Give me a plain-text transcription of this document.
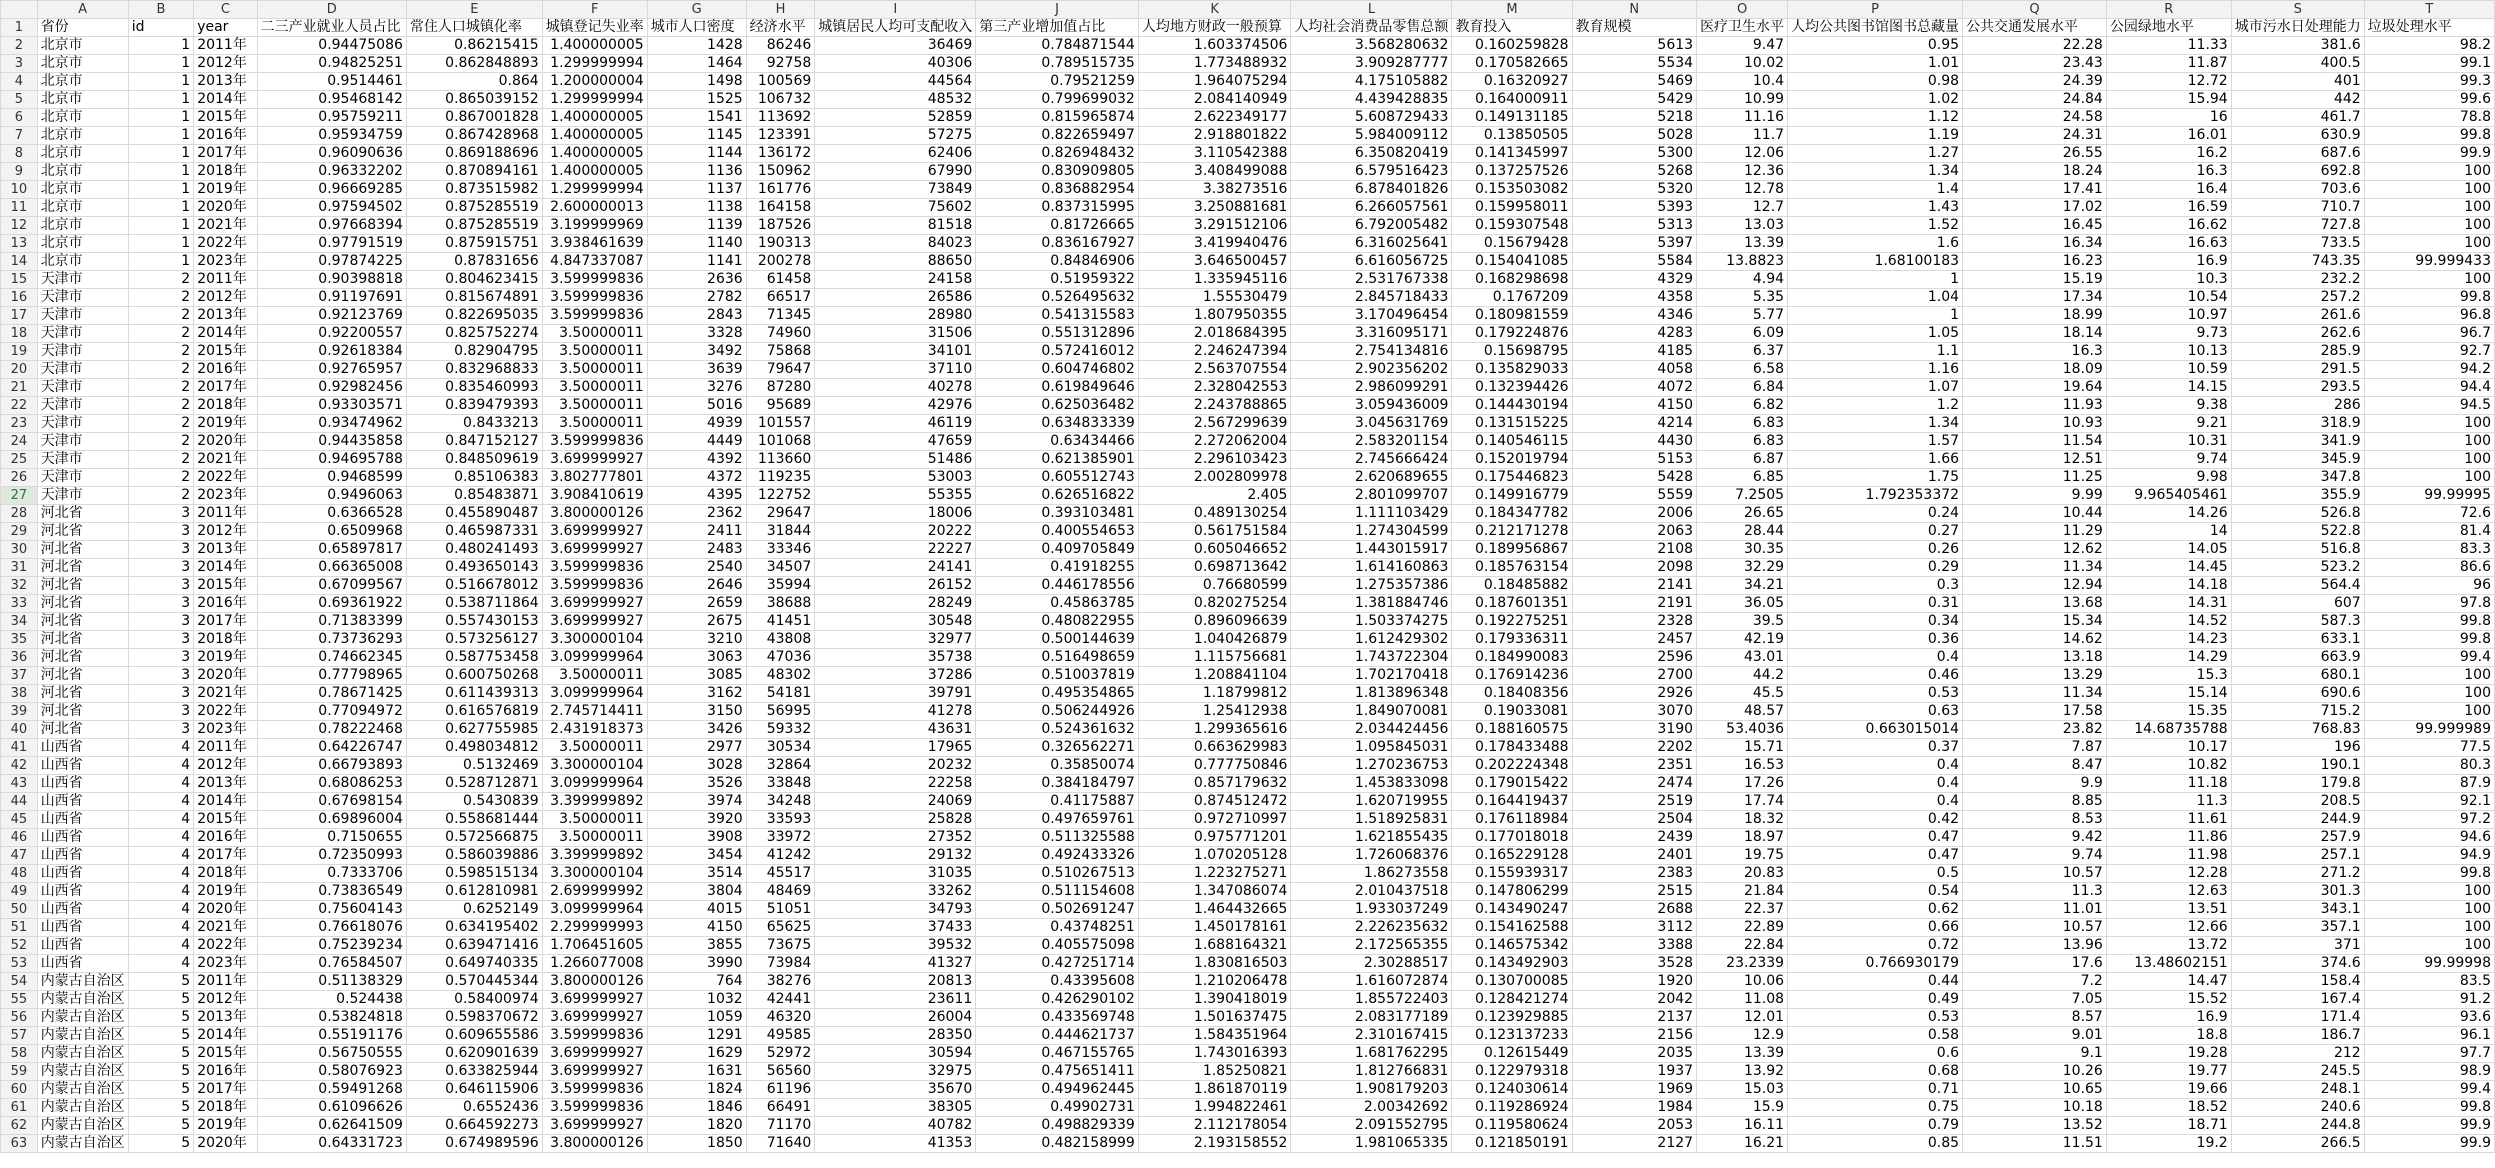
	A	B	C	D	E	F	G	H	I	J	K	L	M	N	O	P	Q	R	S	T
1	省份	id	year	二三产业就业人员占比	常住人口城镇化率	城镇登记失业率	城市人口密度	经济水平	城镇居民人均可支配收入	第三产业增加值占比	人均地方财政一般预算	人均社会消费品零售总额	教育投入	教育规模	医疗卫生水平	人均公共图书馆图书总藏量	公共交通发展水平	公园绿地水平	城市污水日处理能力	垃圾处理水平
2	北京市	1	2011年	0.94475086	0.86215415	1.400000005	1428	86246	36469	0.784871544	1.603374506	3.568280632	0.160259828	5613	9.47	0.95	22.28	11.33	381.6	98.2
3	北京市	1	2012年	0.94825251	0.862848893	1.299999994	1464	92758	40306	0.789515735	1.773488932	3.909287777	0.170582665	5534	10.02	1.01	23.43	11.87	400.5	99.1
4	北京市	1	2013年	0.9514461	0.864	1.200000004	1498	100569	44564	0.79521259	1.964075294	4.175105882	0.16320927	5469	10.4	0.98	24.39	12.72	401	99.3
5	北京市	1	2014年	0.95468142	0.865039152	1.299999994	1525	106732	48532	0.799699032	2.084140949	4.439428835	0.164000911	5429	10.99	1.02	24.84	15.94	442	99.6
6	北京市	1	2015年	0.95759211	0.867001828	1.400000005	1541	113692	52859	0.815965874	2.622349177	5.608729433	0.149131185	5218	11.16	1.12	24.58	16	461.7	78.8
7	北京市	1	2016年	0.95934759	0.867428968	1.400000005	1145	123391	57275	0.822659497	2.918801822	5.984009112	0.13850505	5028	11.7	1.19	24.31	16.01	630.9	99.8
8	北京市	1	2017年	0.96090636	0.869188696	1.400000005	1144	136172	62406	0.826948432	3.110542388	6.350820419	0.141345997	5300	12.06	1.27	26.55	16.2	687.6	99.9
9	北京市	1	2018年	0.96332202	0.870894161	1.400000005	1136	150962	67990	0.830909805	3.408499088	6.579516423	0.137257526	5268	12.36	1.34	18.24	16.3	692.8	100
10	北京市	1	2019年	0.96669285	0.873515982	1.299999994	1137	161776	73849	0.836882954	3.38273516	6.878401826	0.153503082	5320	12.78	1.4	17.41	16.4	703.6	100
11	北京市	1	2020年	0.97594502	0.875285519	2.600000013	1138	164158	75602	0.837315995	3.250881681	6.266057561	0.159958011	5393	12.7	1.43	17.02	16.59	710.7	100
12	北京市	1	2021年	0.97668394	0.875285519	3.199999969	1139	187526	81518	0.81726665	3.291512106	6.792005482	0.159307548	5313	13.03	1.52	16.45	16.62	727.8	100
13	北京市	1	2022年	0.97791519	0.875915751	3.938461639	1140	190313	84023	0.836167927	3.419940476	6.316025641	0.15679428	5397	13.39	1.6	16.34	16.63	733.5	100
14	北京市	1	2023年	0.97874225	0.87831656	4.847337087	1141	200278	88650	0.84846906	3.646500457	6.616056725	0.154041085	5584	13.8823	1.68100183	16.23	16.9	743.35	99.999433
15	天津市	2	2011年	0.90398818	0.804623415	3.599999836	2636	61458	24158	0.51959322	1.335945116	2.531767338	0.168298698	4329	4.94	1	15.19	10.3	232.2	100
16	天津市	2	2012年	0.91197691	0.815674891	3.599999836	2782	66517	26586	0.526495632	1.55530479	2.845718433	0.1767209	4358	5.35	1.04	17.34	10.54	257.2	99.8
17	天津市	2	2013年	0.92123769	0.822695035	3.599999836	2843	71345	28980	0.541315583	1.807950355	3.170496454	0.180981559	4346	5.77	1	18.99	10.97	261.6	96.8
18	天津市	2	2014年	0.92200557	0.825752274	3.50000011	3328	74960	31506	0.551312896	2.018684395	3.316095171	0.179224876	4283	6.09	1.05	18.14	9.73	262.6	96.7
19	天津市	2	2015年	0.92618384	0.82904795	3.50000011	3492	75868	34101	0.572416012	2.246247394	2.754134816	0.15698795	4185	6.37	1.1	16.3	10.13	285.9	92.7
20	天津市	2	2016年	0.92765957	0.832968833	3.50000011	3639	79647	37110	0.604746802	2.563707554	2.902356202	0.135829033	4058	6.58	1.16	18.09	10.59	291.5	94.2
21	天津市	2	2017年	0.92982456	0.835460993	3.50000011	3276	87280	40278	0.619849646	2.328042553	2.986099291	0.132394426	4072	6.84	1.07	19.64	14.15	293.5	94.4
22	天津市	2	2018年	0.93303571	0.839479393	3.50000011	5016	95689	42976	0.625036482	2.243788865	3.059436009	0.144430194	4150	6.82	1.2	11.93	9.38	286	94.5
23	天津市	2	2019年	0.93474962	0.8433213	3.50000011	4939	101557	46119	0.634833339	2.567299639	3.045631769	0.131515225	4214	6.83	1.34	10.93	9.21	318.9	100
24	天津市	2	2020年	0.94435858	0.847152127	3.599999836	4449	101068	47659	0.63434466	2.272062004	2.583201154	0.140546115	4430	6.83	1.57	11.54	10.31	341.9	100
25	天津市	2	2021年	0.94695788	0.848509619	3.699999927	4392	113660	51486	0.621385901	2.296103423	2.745666424	0.152019794	5153	6.87	1.66	12.51	9.74	345.9	100
26	天津市	2	2022年	0.9468599	0.85106383	3.802777801	4372	119235	53003	0.605512743	2.002809978	2.620689655	0.175446823	5428	6.85	1.75	11.25	9.98	347.8	100
27	天津市	2	2023年	0.9496063	0.85483871	3.908410619	4395	122752	55355	0.626516822	2.405	2.801099707	0.149916779	5559	7.2505	1.792353372	9.99	9.965405461	355.9	99.99995
28	河北省	3	2011年	0.6366528	0.455890487	3.800000126	2362	29647	18006	0.393103481	0.489130254	1.111103429	0.184347782	2006	26.65	0.24	10.44	14.26	526.8	72.6
29	河北省	3	2012年	0.6509968	0.465987331	3.699999927	2411	31844	20222	0.400554653	0.561751584	1.274304599	0.212171278	2063	28.44	0.27	11.29	14	522.8	81.4
30	河北省	3	2013年	0.65897817	0.480241493	3.699999927	2483	33346	22227	0.409705849	0.605046652	1.443015917	0.189956867	2108	30.35	0.26	12.62	14.05	516.8	83.3
31	河北省	3	2014年	0.66365008	0.493650143	3.599999836	2540	34507	24141	0.41918255	0.698713642	1.614160863	0.185763154	2098	32.29	0.29	11.34	14.45	523.2	86.6
32	河北省	3	2015年	0.67099567	0.516678012	3.599999836	2646	35994	26152	0.446178556	0.76680599	1.275357386	0.18485882	2141	34.21	0.3	12.94	14.18	564.4	96
33	河北省	3	2016年	0.69361922	0.538711864	3.699999927	2659	38688	28249	0.45863785	0.820275254	1.381884746	0.187601351	2191	36.05	0.31	13.68	14.31	607	97.8
34	河北省	3	2017年	0.71383399	0.557430153	3.699999927	2675	41451	30548	0.480822955	0.896096639	1.503374275	0.192275251	2328	39.5	0.34	15.34	14.52	587.3	99.8
35	河北省	3	2018年	0.73736293	0.573256127	3.300000104	3210	43808	32977	0.500144639	1.040426879	1.612429302	0.179336311	2457	42.19	0.36	14.62	14.23	633.1	99.8
36	河北省	3	2019年	0.74662345	0.587753458	3.099999964	3063	47036	35738	0.516498659	1.115756681	1.743722304	0.184990083	2596	43.01	0.4	13.18	14.29	663.9	99.4
37	河北省	3	2020年	0.77798965	0.600750268	3.50000011	3085	48302	37286	0.510037819	1.208841104	1.702170418	0.176914236	2700	44.2	0.46	13.29	15.3	680.1	100
38	河北省	3	2021年	0.78671425	0.611439313	3.099999964	3162	54181	39791	0.495354865	1.18799812	1.813896348	0.18408356	2926	45.5	0.53	11.34	15.14	690.6	100
39	河北省	3	2022年	0.77094972	0.616576819	2.745714411	3150	56995	41278	0.506244926	1.25412938	1.849070081	0.19033081	3070	48.57	0.63	17.58	15.35	715.2	100
40	河北省	3	2023年	0.78222468	0.627755985	2.431918373	3426	59332	43631	0.524361632	1.299365616	2.034424456	0.188160575	3190	53.4036	0.663015014	23.82	14.68735788	768.83	99.999989
41	山西省	4	2011年	0.64226747	0.498034812	3.50000011	2977	30534	17965	0.326562271	0.663629983	1.095845031	0.178433488	2202	15.71	0.37	7.87	10.17	196	77.5
42	山西省	4	2012年	0.66793893	0.5132469	3.300000104	3028	32864	20232	0.35850074	0.777750846	1.270236753	0.202224348	2351	16.53	0.4	8.47	10.82	190.1	80.3
43	山西省	4	2013年	0.68086253	0.528712871	3.099999964	3526	33848	22258	0.384184797	0.857179632	1.453833098	0.179015422	2474	17.26	0.4	9.9	11.18	179.8	87.9
44	山西省	4	2014年	0.67698154	0.5430839	3.399999892	3974	34248	24069	0.41175887	0.874512472	1.620719955	0.164419437	2519	17.74	0.4	8.85	11.3	208.5	92.1
45	山西省	4	2015年	0.69896004	0.558681444	3.50000011	3920	33593	25828	0.497659761	0.972710997	1.518925831	0.176118984	2504	18.32	0.42	8.53	11.61	244.9	97.2
46	山西省	4	2016年	0.7150655	0.572566875	3.50000011	3908	33972	27352	0.511325588	0.975771201	1.621855435	0.177018018	2439	18.97	0.47	9.42	11.86	257.9	94.6
47	山西省	4	2017年	0.72350993	0.586039886	3.399999892	3454	41242	29132	0.492433326	1.070205128	1.726068376	0.165229128	2401	19.75	0.47	9.74	11.98	257.1	94.9
48	山西省	4	2018年	0.7333706	0.598515134	3.300000104	3514	45517	31035	0.510267513	1.223275271	1.86273558	0.155939317	2383	20.83	0.5	10.57	12.28	271.2	99.8
49	山西省	4	2019年	0.73836549	0.612810981	2.699999992	3804	48469	33262	0.511154608	1.347086074	2.010437518	0.147806299	2515	21.84	0.54	11.3	12.63	301.3	100
50	山西省	4	2020年	0.75604143	0.6252149	3.099999964	4015	51051	34793	0.502691247	1.464432665	1.933037249	0.143490247	2688	22.37	0.62	11.01	13.51	343.1	100
51	山西省	4	2021年	0.76618076	0.634195402	2.299999993	4150	65625	37433	0.43748251	1.450178161	2.226235632	0.154162588	3112	22.89	0.66	10.57	12.66	357.1	100
52	山西省	4	2022年	0.75239234	0.639471416	1.706451605	3855	73675	39532	0.405575098	1.688164321	2.172565355	0.146575342	3388	22.84	0.72	13.96	13.72	371	100
53	山西省	4	2023年	0.76584507	0.649740335	1.266077008	3990	73984	41327	0.427251714	1.830816503	2.30288517	0.143492903	3528	23.2339	0.766930179	17.6	13.48602151	374.6	99.99998
54	内蒙古自治区	5	2011年	0.51138329	0.570445344	3.800000126	764	38276	20813	0.43395608	1.210206478	1.616072874	0.130700085	1920	10.06	0.44	7.2	14.47	158.4	83.5
55	内蒙古自治区	5	2012年	0.524438	0.58400974	3.699999927	1032	42441	23611	0.426290102	1.390418019	1.855722403	0.128421274	2042	11.08	0.49	7.05	15.52	167.4	91.2
56	内蒙古自治区	5	2013年	0.53824818	0.598370672	3.699999927	1059	46320	26004	0.433569748	1.501637475	2.083177189	0.123929885	2137	12.01	0.53	8.57	16.9	171.4	93.6
57	内蒙古自治区	5	2014年	0.55191176	0.609655586	3.599999836	1291	49585	28350	0.444621737	1.584351964	2.310167415	0.123137233	2156	12.9	0.58	9.01	18.8	186.7	96.1
58	内蒙古自治区	5	2015年	0.56750555	0.620901639	3.699999927	1629	52972	30594	0.467155765	1.743016393	1.681762295	0.12615449	2035	13.39	0.6	9.1	19.28	212	97.7
59	内蒙古自治区	5	2016年	0.58076923	0.633825944	3.699999927	1631	56560	32975	0.475651411	1.85250821	1.812766831	0.122979318	1937	13.92	0.68	10.26	19.77	245.5	98.9
60	内蒙古自治区	5	2017年	0.59491268	0.646115906	3.599999836	1824	61196	35670	0.494962445	1.861870119	1.908179203	0.124030614	1969	15.03	0.71	10.65	19.66	248.1	99.4
61	内蒙古自治区	5	2018年	0.61096626	0.6552436	3.599999836	1846	66491	38305	0.49902731	1.994822461	2.00342692	0.119286924	1984	15.9	0.75	10.18	18.52	240.6	99.8
62	内蒙古自治区	5	2019年	0.62641509	0.664592273	3.699999927	1820	71170	40782	0.498829339	2.112178054	2.091552795	0.119580624	2053	16.11	0.79	13.52	18.71	244.8	99.9
63	内蒙古自治区	5	2020年	0.64331723	0.674989596	3.800000126	1850	71640	41353	0.482158999	2.193158552	1.981065335	0.121850191	2127	16.21	0.85	11.51	19.2	266.5	99.9
